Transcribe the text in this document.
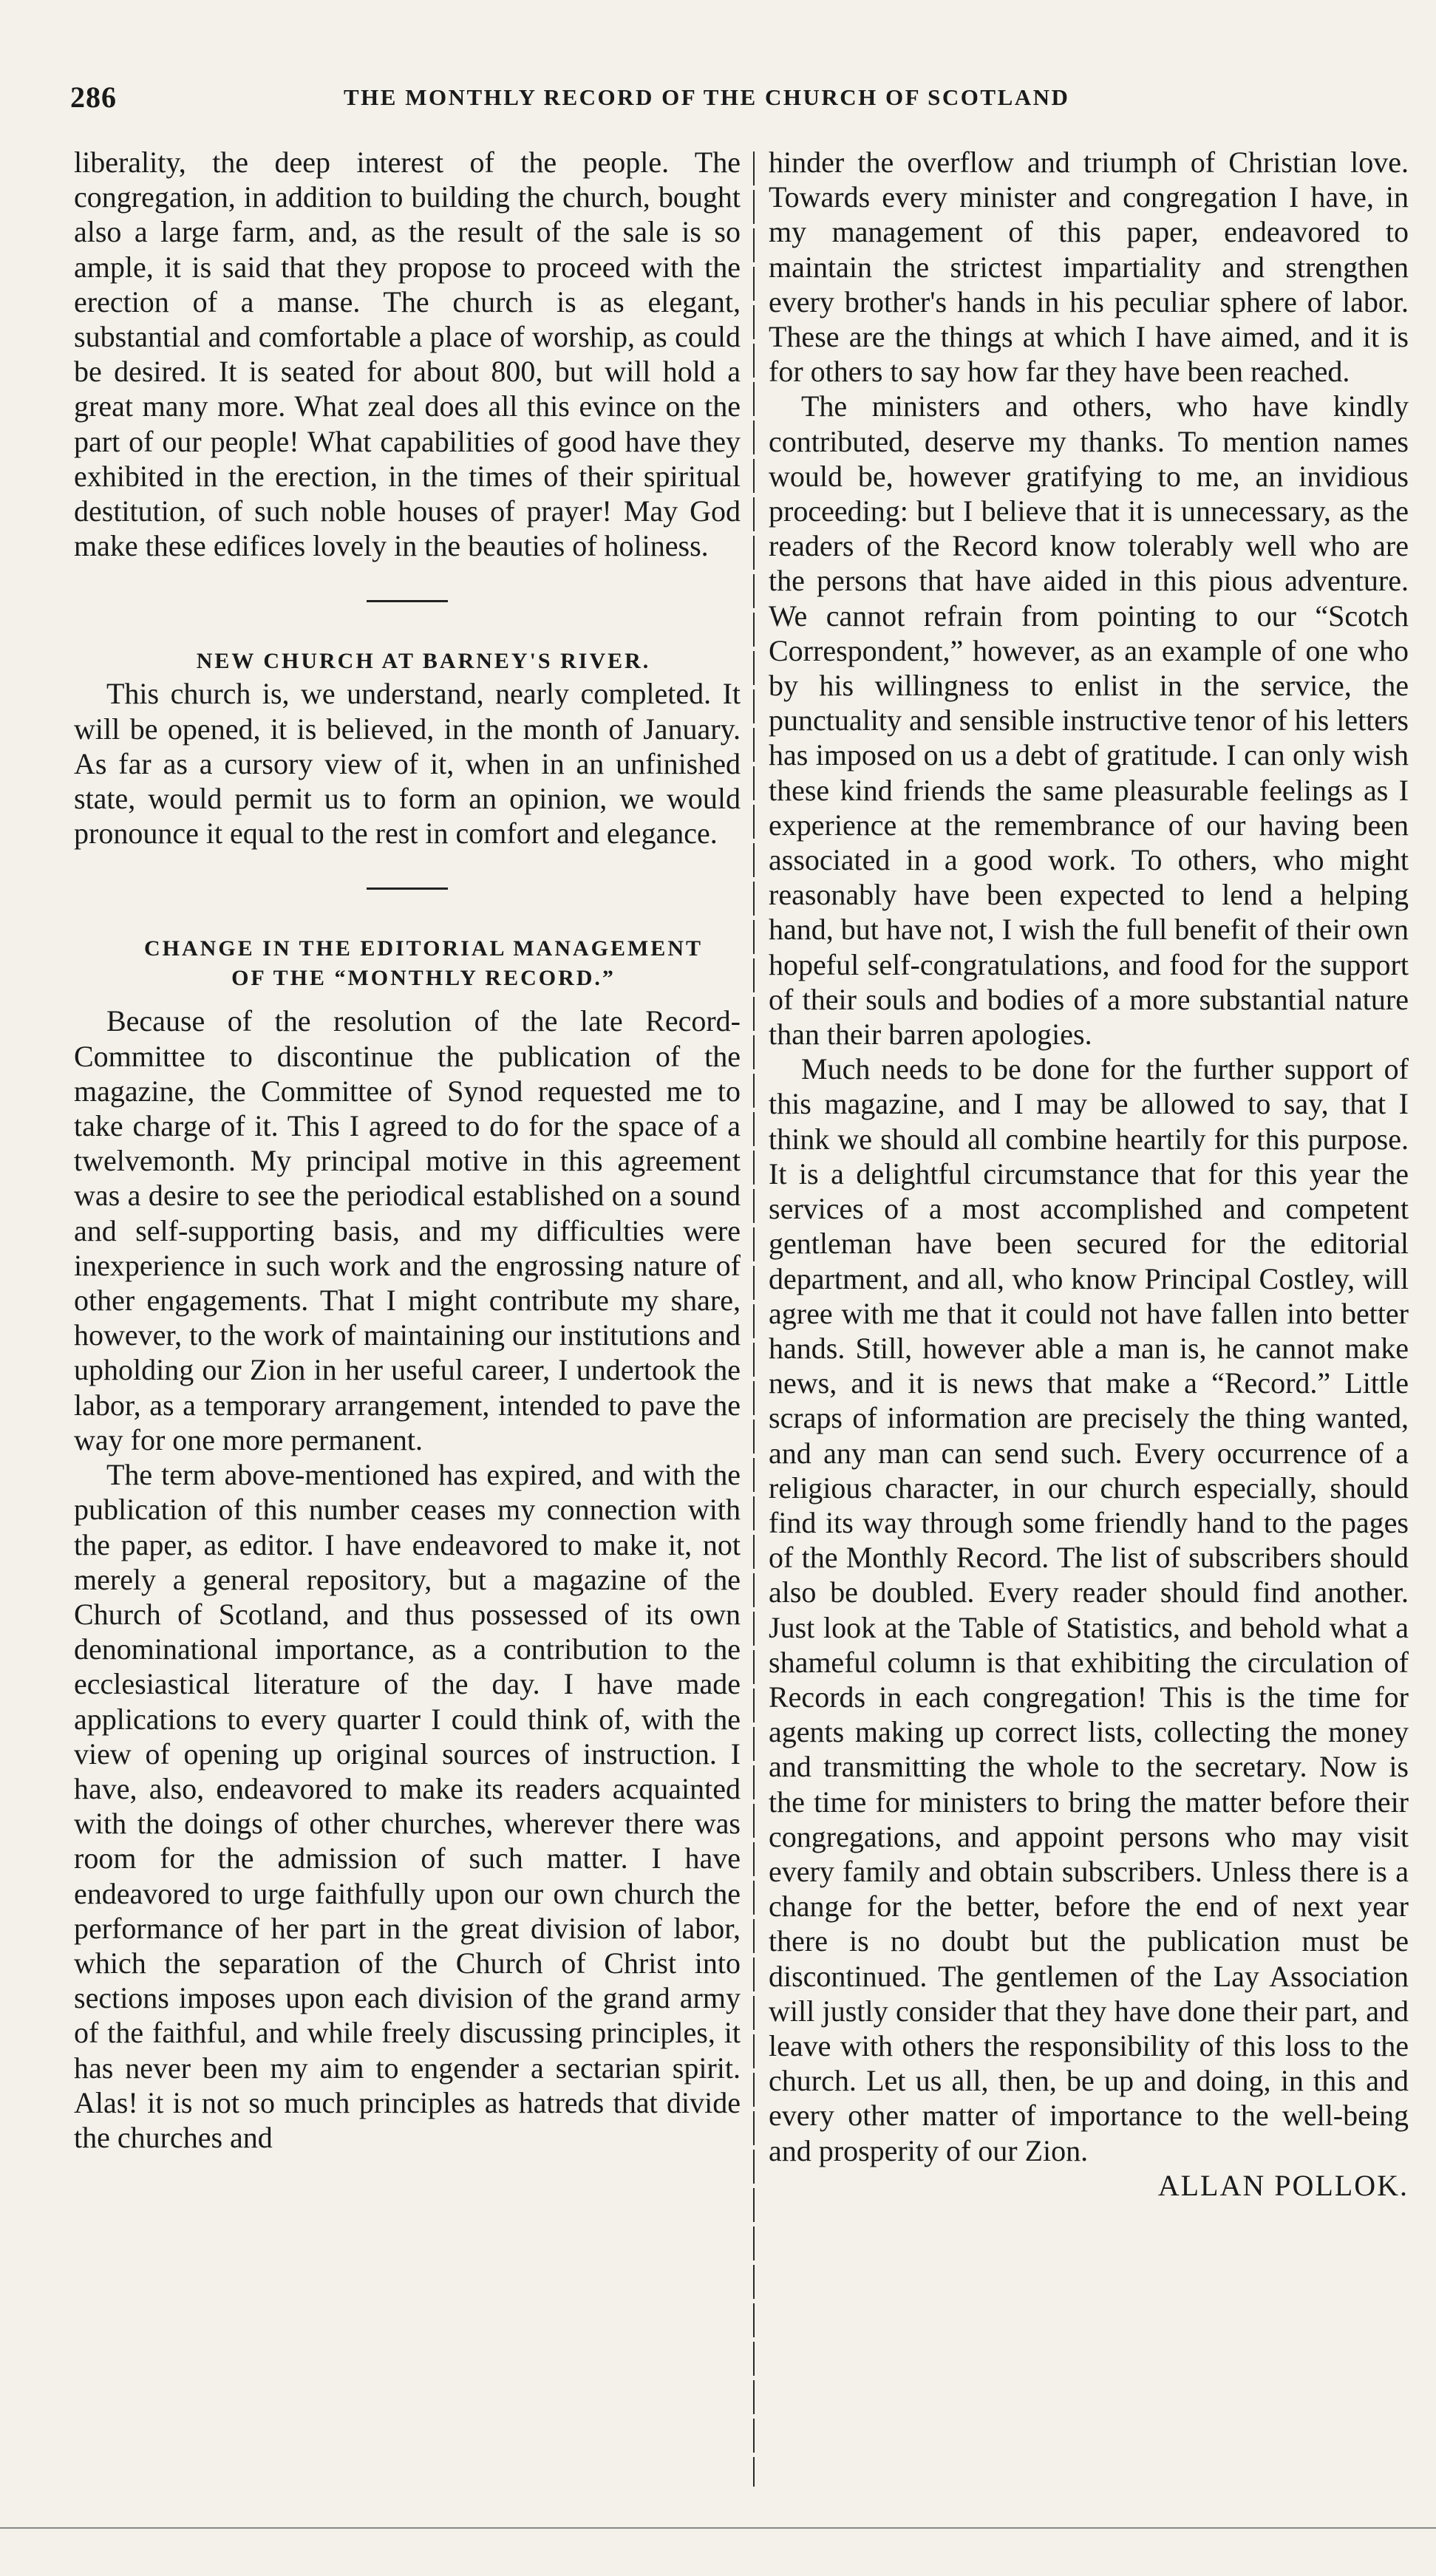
286	THE MONTHLY RECORD OF THE CHURCH OF SCOTLAND

liberality, the deep interest of the people. The congregation, in addition to building the church, bought also a large farm, and, as the result of the sale is so ample, it is said that they propose to proceed with the erection of a manse. The church is as elegant, substantial and comfortable a place of worship, as could be desired. It is seated for about 800, but will hold a great many more. What zeal does all this evince on the part of our people! What capabilities of good have they exhibited in the erection, in the times of their spiritual destitution, of such noble houses of prayer! May God make these edifices lovely in the beauties of holiness.

NEW CHURCH AT BARNEY'S RIVER.

This church is, we understand, nearly completed. It will be opened, it is believed, in the month of January. As far as a cursory view of it, when in an unfinished state, would permit us to form an opinion, we would pronounce it equal to the rest in comfort and elegance.

CHANGE IN THE EDITORIAL MANAGEMENT

OF THE “MONTHLY RECORD.”

Because of the resolution of the late Record-Committee to discontinue the publication of the magazine, the Committee of Synod requested me to take charge of it. This I agreed to do for the space of a twelvemonth. My principal motive in this agreement was a desire to see the periodical established on a sound and self-supporting basis, and my difficulties were inexperience in such work and the engrossing nature of other engagements. That I might contribute my share, however, to the work of maintaining our institutions and upholding our Zion in her useful career, I undertook the labor, as a temporary arrangement, intended to pave the way for one more permanent.

The term above-mentioned has expired, and with the publication of this number ceases my connection with the paper, as editor. I have endeavored to make it, not merely a general repository, but a magazine of the Church of Scotland, and thus possessed of its own denominational importance, as a contribution to the ecclesiastical literature of the day. I have made applications to every quarter I could think of, with the view of opening up original sources of instruction. I have, also, endeavored to make its readers acquainted with the doings of other churches, wherever there was room for the admission of such matter. I have endeavored to urge faithfully upon our own church the performance of her part in the great division of labor, which the separation of the Church of Christ into sections imposes upon each division of the grand army of the faithful, and while freely discussing principles, it has never been my aim to engender a sectarian spirit. Alas! it is not so much principles as hatreds that divide the churches and

hinder the overflow and triumph of Christian love. Towards every minister and congregation I have, in my management of this paper, endeavored to maintain the strictest impartiality and strengthen every brother's hands in his peculiar sphere of labor. These are the things at which I have aimed, and it is for others to say how far they have been reached.

The ministers and others, who have kindly contributed, deserve my thanks. To mention names would be, however gratifying to me, an invidious proceeding: but I believe that it is unnecessary, as the readers of the Record know tolerably well who are the persons that have aided in this pious adventure. We cannot refrain from pointing to our “Scotch Correspondent,” however, as an example of one who by his willingness to enlist in the service, the punctuality and sensible instructive tenor of his letters has imposed on us a debt of gratitude. I can only wish these kind friends the same pleasurable feelings as I experience at the remembrance of our having been associated in a good work. To others, who might reasonably have been expected to lend a helping hand, but have not, I wish the full benefit of their own hopeful self-congratulations, and food for the support of their souls and bodies of a more substantial nature than their barren apologies.

Much needs to be done for the further support of this magazine, and I may be allowed to say, that I think we should all combine heartily for this purpose. It is a delightful circumstance that for this year the services of a most accomplished and competent gentleman have been secured for the editorial department, and all, who know Principal Costley, will agree with me that it could not have fallen into better hands. Still, however able a man is, he cannot make news, and it is news that make a “Record.” Little scraps of information are precisely the thing wanted, and any man can send such. Every occurrence of a religious character, in our church especially, should find its way through some friendly hand to the pages of the Monthly Record. The list of subscribers should also be doubled. Every reader should find another. Just look at the Table of Statistics, and behold what a shameful column is that exhibiting the circulation of Records in each congregation! This is the time for agents making up correct lists, collecting the money and transmitting the whole to the secretary. Now is the time for ministers to bring the matter before their congregations, and appoint persons who may visit every family and obtain subscribers. Unless there is a change for the better, before the end of next year there is no doubt but the publication must be discontinued. The gentlemen of the Lay Association will justly consider that they have done their part, and leave with others the responsibility of this loss to the church. Let us all, then, be up and doing, in this and every other matter of importance to the well-being and prosperity of our Zion.

ALLAN POLLOK.
